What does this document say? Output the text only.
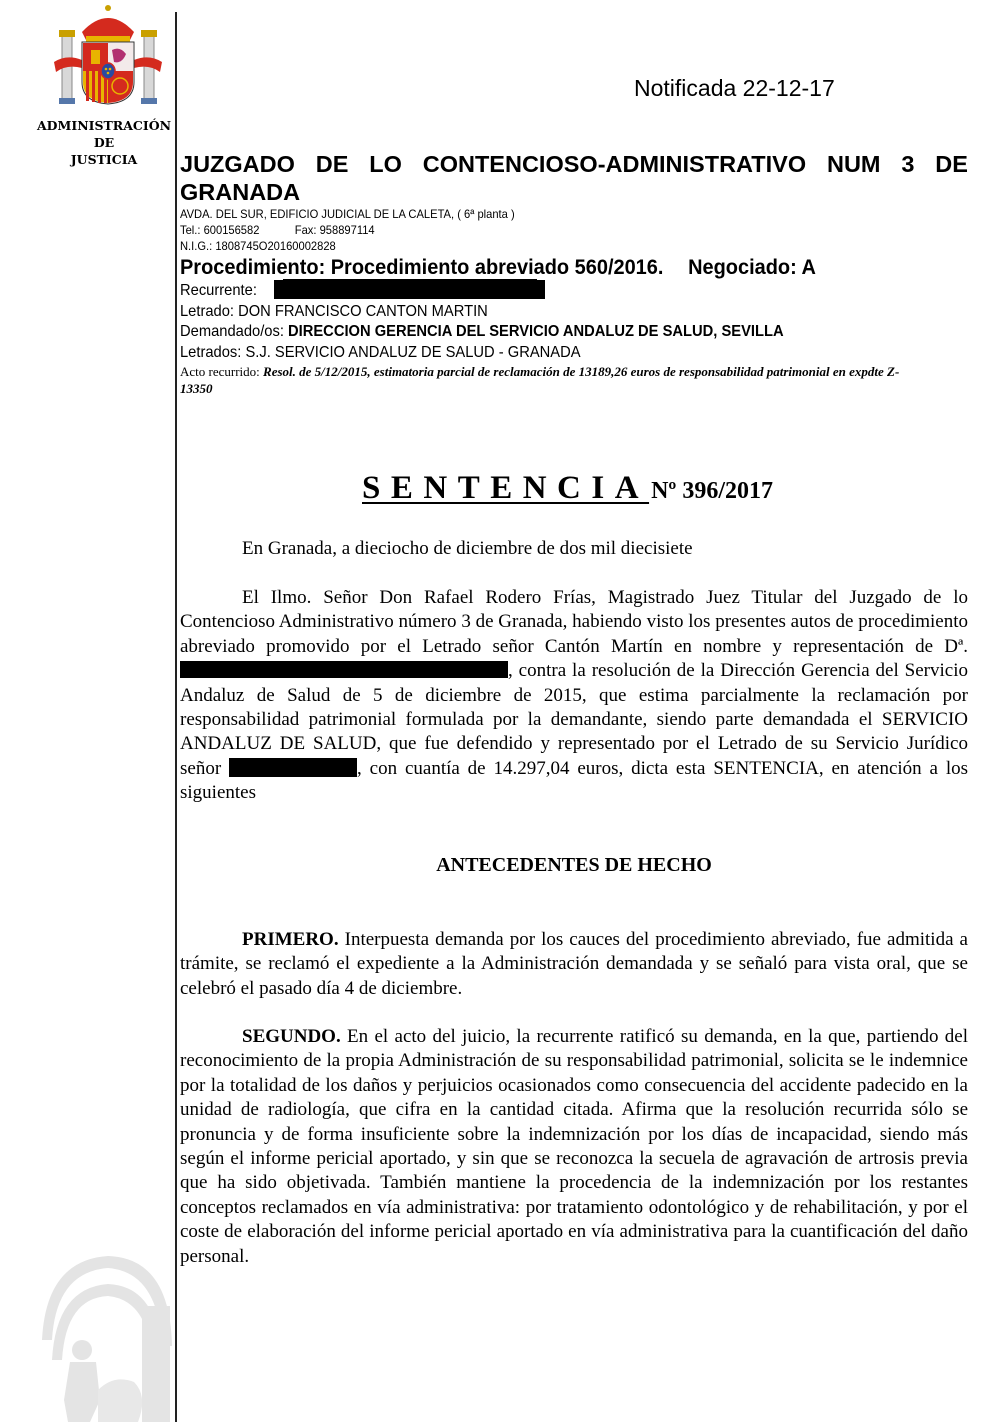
ADMINISTRACIÓN
DE
JUSTICIA
Notificada 22-12-17
JUZGADO DE LO CONTENCIOSO-ADMINISTRATIVO NUM 3 DE
GRANADA
AVDA. DEL SUR, EDIFICIO JUDICIAL DE LA CALETA, ( 6ª planta )
Tel.: 600156582	Fax: 958897114
N.I.G.: 1808745O20160002828
Procedimiento: Procedimiento abreviado 560/2016. Negociado: A
Recurrente:
Letrado: DON FRANCISCO CANTON MARTIN
Demandado/os: DIRECCION GERENCIA DEL SERVICIO ANDALUZ DE SALUD, SEVILLA
Letrados: S.J. SERVICIO ANDALUZ DE SALUD - GRANADA
Acto recurrido: Resol. de 5/12/2015, estimatoria parcial de reclamación de 13189,26 euros de responsabilidad patrimonial en expdte Z-13350
SENTENCIA Nº 396/2017

En Granada, a dieciocho de diciembre de dos mil diecisiete

El Ilmo. Señor Don Rafael Rodero Frías, Magistrado Juez Titular del Juzgado de lo Contencioso Administrativo número 3 de Granada, habiendo visto los presentes autos de procedimiento abreviado promovido por el Letrado señor Cantón Martín en nombre y representación de Dª. , contra la resolución de la Dirección Gerencia del Servicio Andaluz de Salud de 5 de diciembre de 2015, que estima parcialmente la reclamación por responsabilidad patrimonial formulada por la demandante, siendo parte demandada el SERVICIO ANDALUZ DE SALUD, que fue defendido y representado por el Letrado de su Servicio Jurídico señor	, con cuantía de 14.297,04 euros, dicta esta SENTENCIA, en atención a los siguientes

ANTECEDENTES DE HECHO

PRIMERO. Interpuesta demanda por los cauces del procedimiento abreviado, fue admitida a trámite, se reclamó el expediente a la Administración demandada y se señaló para vista oral, que se celebró el pasado día 4 de diciembre.

SEGUNDO. En el acto del juicio, la recurrente ratificó su demanda, en la que, partiendo del reconocimiento de la propia Administración de su responsabilidad patrimonial, solicita se le indemnice por la totalidad de los daños y perjuicios ocasionados como consecuencia del accidente padecido en la unidad de radiología, que cifra en la cantidad citada. Afirma que la resolución recurrida sólo se pronuncia y de forma insuficiente sobre la indemnización por los días de incapacidad, siendo más según el informe pericial aportado, y sin que se reconozca la secuela de agravación de artrosis previa que ha sido objetivada. También mantiene la procedencia de la indemnización por los restantes conceptos reclamados en vía administrativa: por tratamiento odontológico y de rehabilitación, y por el coste de elaboración del informe pericial aportado en vía administrativa para la cuantificación del daño personal.
